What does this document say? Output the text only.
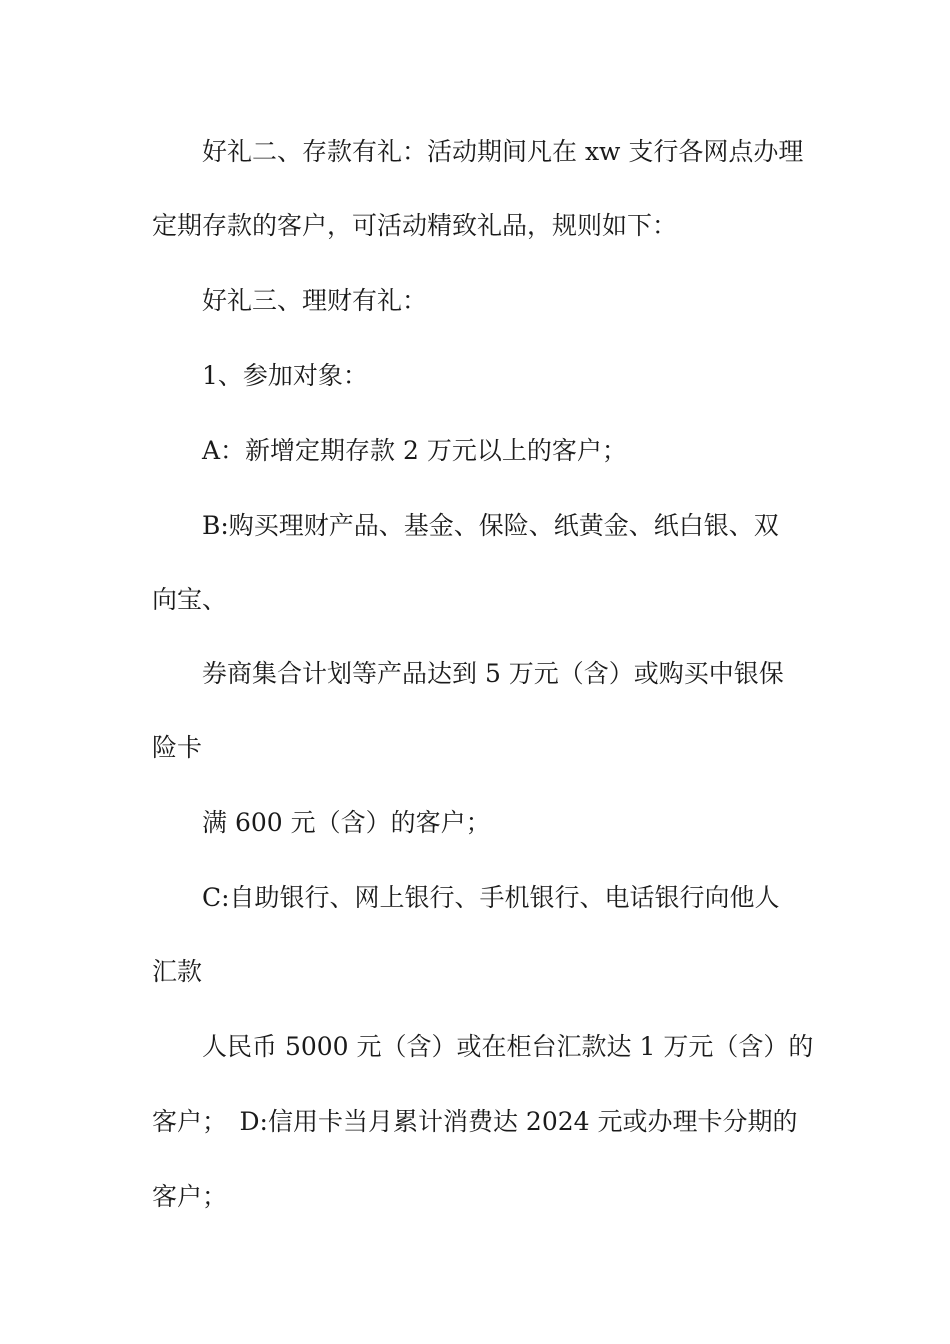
好礼二、存款有礼：活动期间凡在 xw 支行各网点办理

定期存款的客户，可活动精致礼品，规则如下：

好礼三、理财有礼：

1、参加对象：

A：新增定期存款 2 万元以上的客户；

B:购买理财产品、基金、保险、纸黄金、纸白银、双

向宝、

券商集合计划等产品达到 5 万元（含）或购买中银保

险卡

满 600 元（含）的客户；

C:自助银行、网上银行、手机银行、电话银行向他人

汇款

人民币 5000 元（含）或在柜台汇款达 1 万元（含）的

客户；　D:信用卡当月累计消费达 2024 元或办理卡分期的

客户；
